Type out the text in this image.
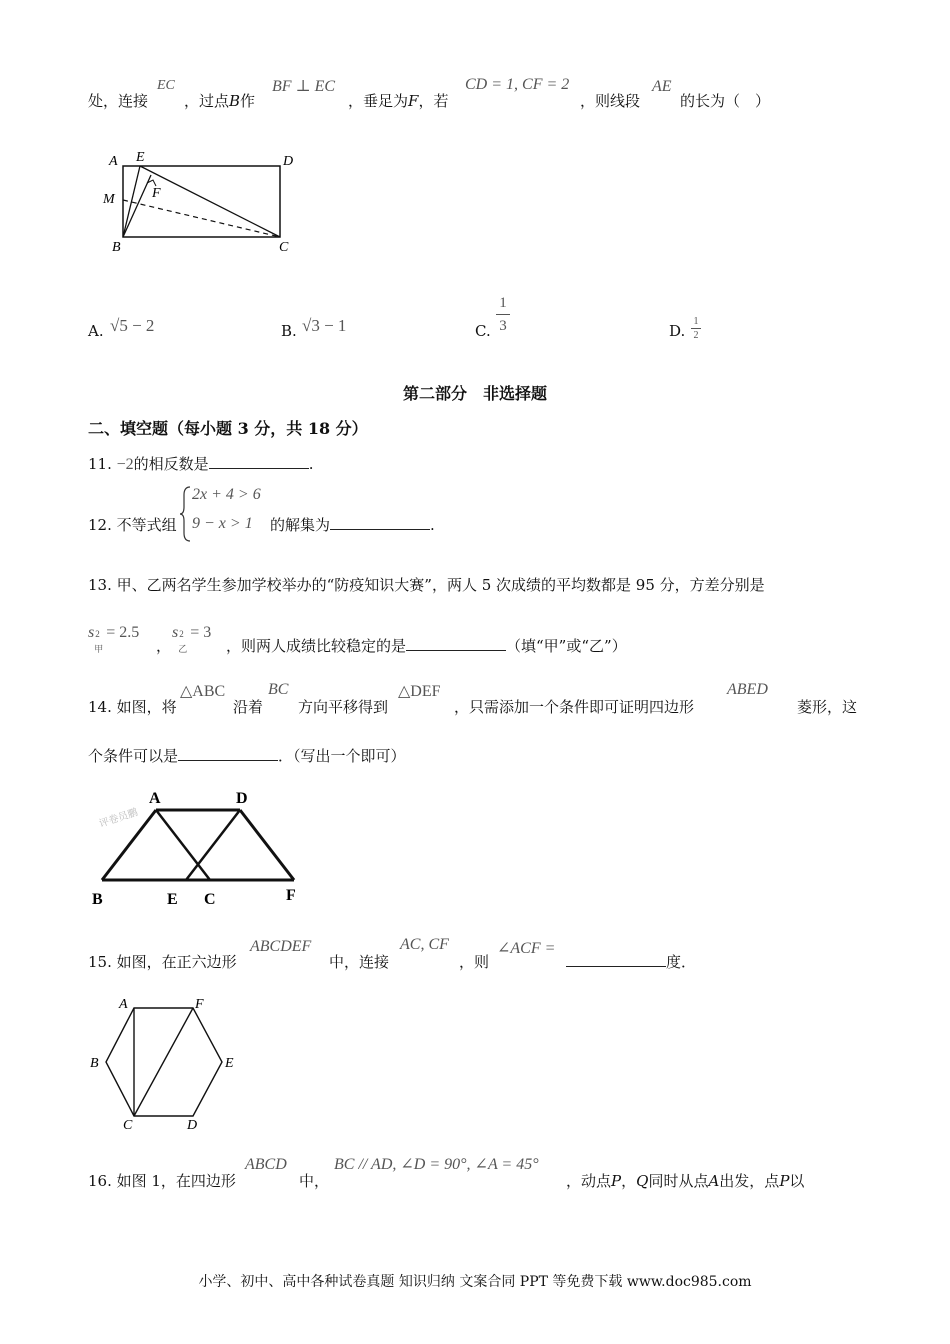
处，连接
EC
，过点B作
BF ⊥ EC
，垂足为F，若
CD = 1, CF = 2
，则线段
AE
的长为（　）
A E	D
M	F
B	C
A. √5 − 2	B. √3 − 1	C.
1
3	D.
1
2
第二部分　非选择题
二、填空题（每小题 3 分，共 18 分）
11. −2的相反数是	.
12. 不等式组
2x + 4 > 6
9 − x > 1 的解集为	.
13. 甲、乙两名学生参加学校举办的“防疫知识大赛”，两人 5 次成绩的平均数都是 95 分，方差分别是
s 2
甲
= 2.5
，
s 2
乙
= 3
，则两人成绩比较稳定的是	（填“甲”或“乙”）
14. 如图，将
△ABC
沿着
BC
方向平移得到
△DEF
，只需添加一个条件即可证明四边形
ABED
菱形，这
个条件可以是	．（写出一个即可）
评卷员鹏
A	D
B	E C	F
15. 如图，在正六边形
ABCDEF
中，连接
AC, CF
，则
∠ACF =
度．
A	F
B	E
C	D
16. 如图 1，在四边形
ABCD
中，
BC // AD, ∠D = 90°, ∠A = 45°
，动点P，Q同时从点A出发，点P以
小学、初中、高中各种试卷真题 知识归纳 文案合同 PPT 等免费下载 www.doc985.com
